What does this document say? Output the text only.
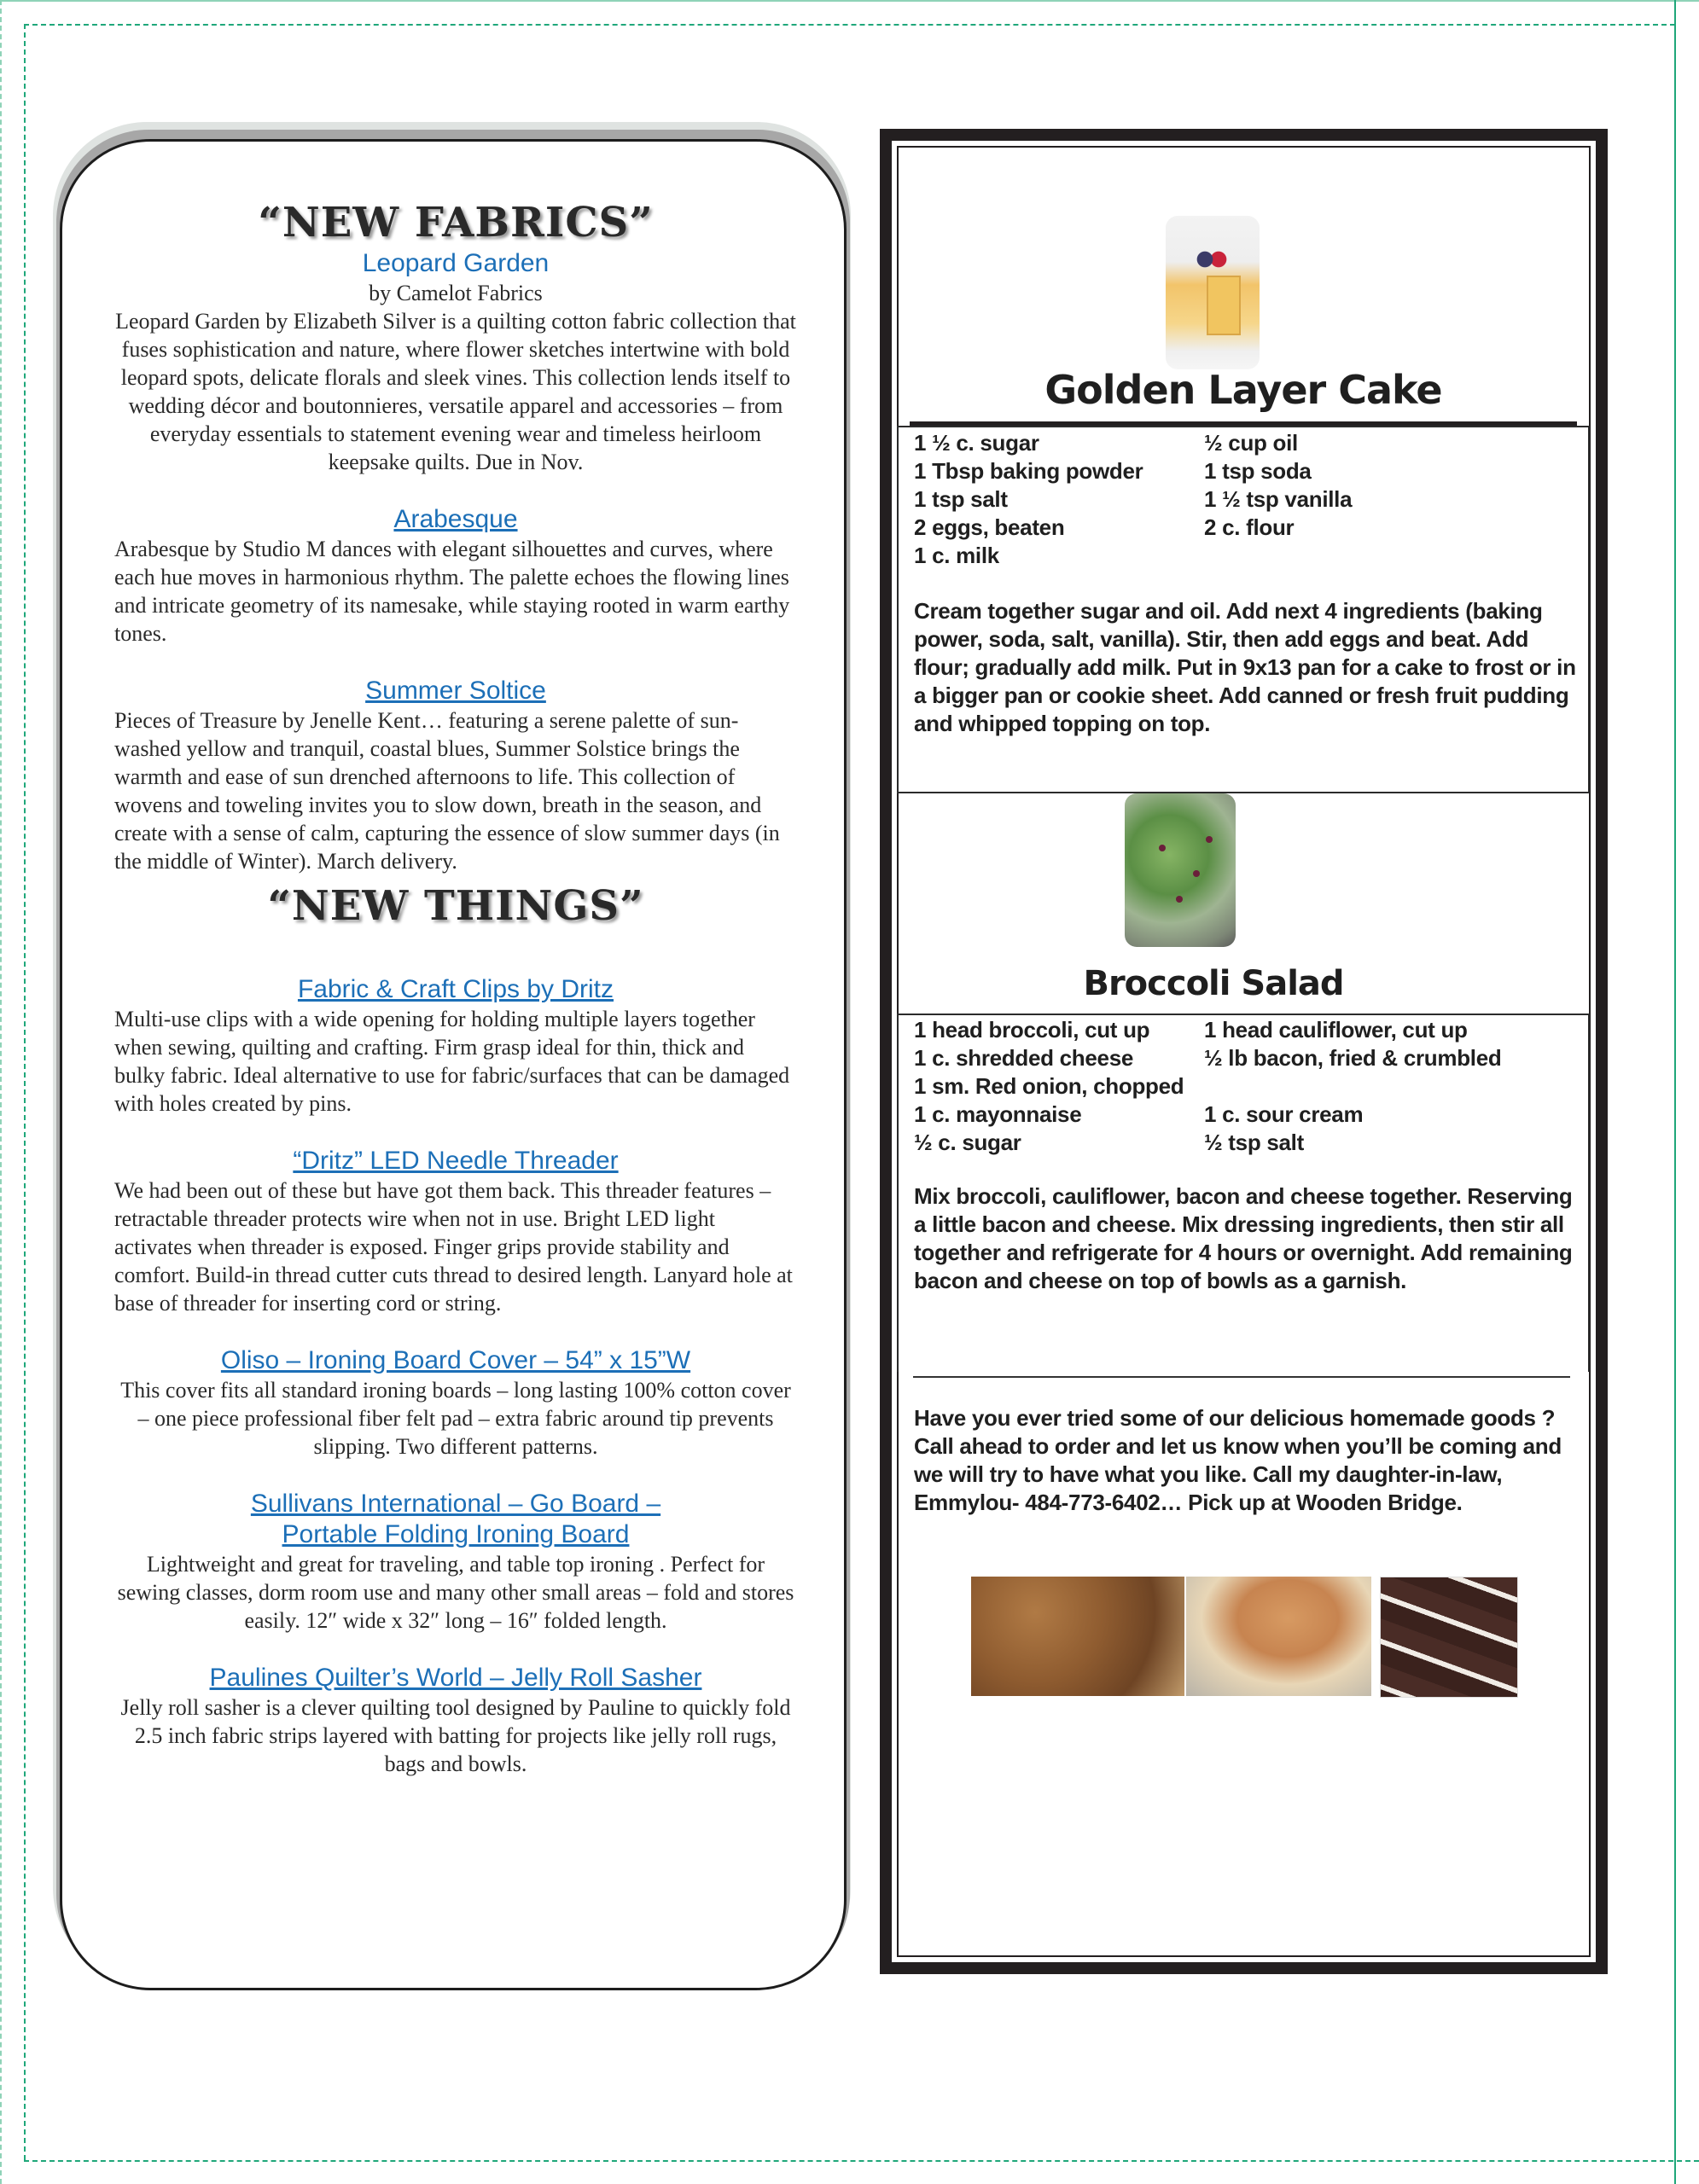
“NEW FABRICS”

Leopard Garden

by Camelot Fabrics

Leopard Garden by Elizabeth Silver is a quilting cotton fabric collection that fuses sophistication and nature, where flower sketches intertwine with bold leopard spots, delicate florals and sleek vines. This collection lends itself to wedding décor and boutonnieres, versatile apparel and accessories – from everyday essentials to statement evening wear and timeless heirloom keepsake quilts. Due in Nov.

Arabesque

Arabesque by Studio M dances with elegant silhouettes and curves, where each hue moves in harmonious rhythm. The palette echoes the flowing lines and intricate geometry of its namesake, while staying rooted in warm earthy tones.

Summer Soltice

Pieces of Treasure by Jenelle Kent… featuring a serene palette of sun-washed yellow and tranquil, coastal blues, Summer Solstice brings the warmth and ease of sun drenched afternoons to life. This collection of wovens and toweling invites you to slow down, breath in the season, and create with a sense of calm, capturing the essence of slow summer days (in the middle of Winter). March delivery.

“NEW THINGS”

Fabric & Craft Clips by Dritz

Multi-use clips with a wide opening for holding multiple layers together when sewing, quilting and crafting. Firm grasp ideal for thin, thick and bulky fabric. Ideal alternative to use for fabric/surfaces that can be damaged with holes created by pins.

“Dritz” LED Needle Threader

We had been out of these but have got them back. This threader features – retractable threader protects wire when not in use. Bright LED light activates when threader is exposed. Finger grips provide stability and comfort. Build-in thread cutter cuts thread to desired length. Lanyard hole at base of threader for inserting cord or string.

Oliso – Ironing Board Cover – 54” x 15”W

This cover fits all standard ironing boards – long lasting 100% cotton cover – one piece professional fiber felt pad – extra fabric around tip prevents slipping. Two different patterns.

Sullivans International – Go Board –

Portable Folding Ironing Board

Lightweight and great for traveling, and table top ironing . Perfect for sewing classes, dorm room use and many other small areas – fold and stores easily. 12″ wide x 32″ long – 16″ folded length.

Paulines Quilter’s World – Jelly Roll Sasher

Jelly roll sasher is a clever quilting tool designed by Pauline to quickly fold 2.5 inch fabric strips layered with batting for projects like jelly roll rugs, bags and bowls.

Golden Layer Cake
1 ½ c. sugar	½ cup oil
1 Tbsp baking powder	1 tsp soda
1 tsp salt	1 ½ tsp vanilla
2 eggs, beaten	2 c. flour
1 c. milk

Cream together sugar and oil. Add next 4 ingredients (baking power, soda, salt, vanilla). Stir, then add eggs and beat. Add flour; gradually add milk. Put in 9x13 pan for a cake to frost or in a bigger pan or cookie sheet. Add canned or fresh fruit pudding and whipped topping on top.

Broccoli Salad
1 head broccoli, cut up	1 head cauliflower, cut up
1 c. shredded cheese	½ lb bacon, fried & crumbled
1 sm. Red onion, chopped
1 c. mayonnaise	1 c. sour cream
½ c. sugar	½ tsp salt

Mix broccoli, cauliflower, bacon and cheese together. Reserving a little bacon and cheese. Mix dressing ingredients, then stir all together and refrigerate for 4 hours or overnight. Add remaining bacon and cheese on top of bowls as a garnish.

Have you ever tried some of our delicious homemade goods ? Call ahead to order and let us know when you’ll be coming and we will try to have what you like. Call my daughter-in-law, Emmylou- 484-773-6402… Pick up at Wooden Bridge.
